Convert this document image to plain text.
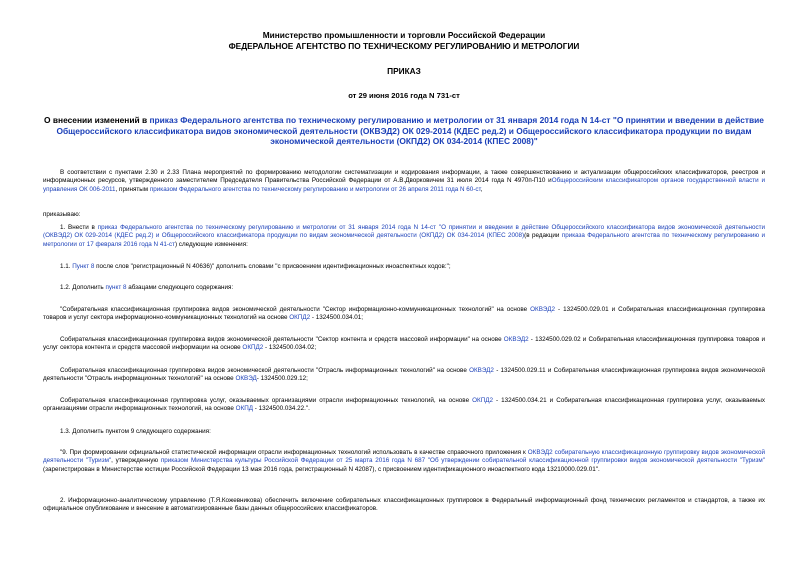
Министерство промышленности и торговли Российской Федерации
ФЕДЕРАЛЬНОЕ АГЕНТСТВО ПО ТЕХНИЧЕСКОМУ РЕГУЛИРОВАНИЮ И МЕТРОЛОГИИ
ПРИКАЗ
от 29 июня 2016 года N 731-ст
О внесении изменений в приказ Федерального агентства по техническому регулированию и метрологии от 31 января 2014 года N 14-ст "О принятии и введении в действие Общероссийского классификатора видов экономической деятельности (ОКВЭД2) ОК 029-2014 (КДЕС ред.2) и Общероссийского классификатора продукции по видам экономической деятельности (ОКПД2) ОК 034-2014 (КПЕС 2008)"
В соответствии с пунктами 2.30 и 2.33 Плана мероприятий по формированию методологии систематизации и кодирования информации, а также совершенствованию и актуализации общероссийских классификаторов, реестров и информационных ресурсов, утвержденного заместителем Председателя Правительства Российской Федерации от А.В.Дворковичем 31 июля 2014 года N 4970п-П10 иОбщероссийским классификатором органов государственной власти и управления ОК 006-2011, принятым приказом Федерального агентства по техническому регулированию и метрологии от 26 апреля 2011 года N 60-ст,
приказываю:
1. Внести в приказ Федерального агентства по техническому регулированию и метрологии от 31 января 2014 года N 14-ст "О принятии и введении в действие Общероссийского классификатора видов экономической деятельности (ОКВЭД2) ОК 029-2014 (КДЕС ред.2) и Общероссийского классификатора продукции по видам экономической деятельности (ОКПД2) ОК 034-2014 (КПЕС 2008)(в редакции приказа Федерального агентства по техническому регулированию и метрологии от 17 февраля 2016 года N 41-ст) следующие изменения:
1.1. Пункт 8 после слов "регистрационный N 40636)" дополнить словами "с присвоением идентификационных иноаспектных кодов:";
1.2. Дополнить пункт 8 абзацами следующего содержания:
"Собирательная классификационная группировка видов экономической деятельности "Сектор информационно-коммуникационных технологий" на основе ОКВЭД2 - 1324500.029.01 и Собирательная классификационная группировка товаров и услуг сектора информационно-коммуникационных технологий на основе ОКПД2 - 1324500.034.01;
Собирательная классификационная группировка видов экономической деятельности "Сектор контента и средств массовой информации" на основе ОКВЭД2 - 1324500.029.02 и Собирательная классификационная группировка товаров и услуг сектора контента и средств массовой информации на основе ОКПД2 - 1324500.034.02;
Собирательная классификационная группировка видов экономической деятельности "Отрасль информационных технологий" на основе ОКВЭД2 - 1324500.029.11 и Собирательная классификационная группировка видов экономической деятельности "Отрасль информационных технологий" на основе ОКВЭД- 1324500.029.12;
Собирательная классификационная группировка услуг, оказываемых организациями отрасли информационных технологий, на основе ОКПД2 - 1324500.034.21 и Собирательная классификационная группировка услуг, оказываемых организациями отрасли информационных технологий, на основе ОКПД - 1324500.034.22.".
1.3. Дополнить пунктом 9 следующего содержания:
"9. При формировании официальной статистической информации отрасли информационных технологий использовать в качестве справочного приложения к ОКВЭД2 собирательную классификационную группировку видов экономической деятельности "Туризм", утвержденную приказом Министерства культуры Российской Федерации от 25 марта 2016 года N 687 "Об утверждении собирательной классификационной группировки видов экономической деятельности "Туризм" (зарегистрирован в Министерстве юстиции Российской Федерации 13 мая 2016 года, регистрационный N 42087), с присвоением идентификационного иноаспектного кода 13210000.029.01".
2. Информационно-аналитическому управлению (Т.Я.Кожевникова) обеспечить включение собирательных классификационных группировок в Федеральный информационный фонд технических регламентов и стандартов, а также их официальное опубликование и внесение в автоматизированные базы данных общероссийских классификаторов.
